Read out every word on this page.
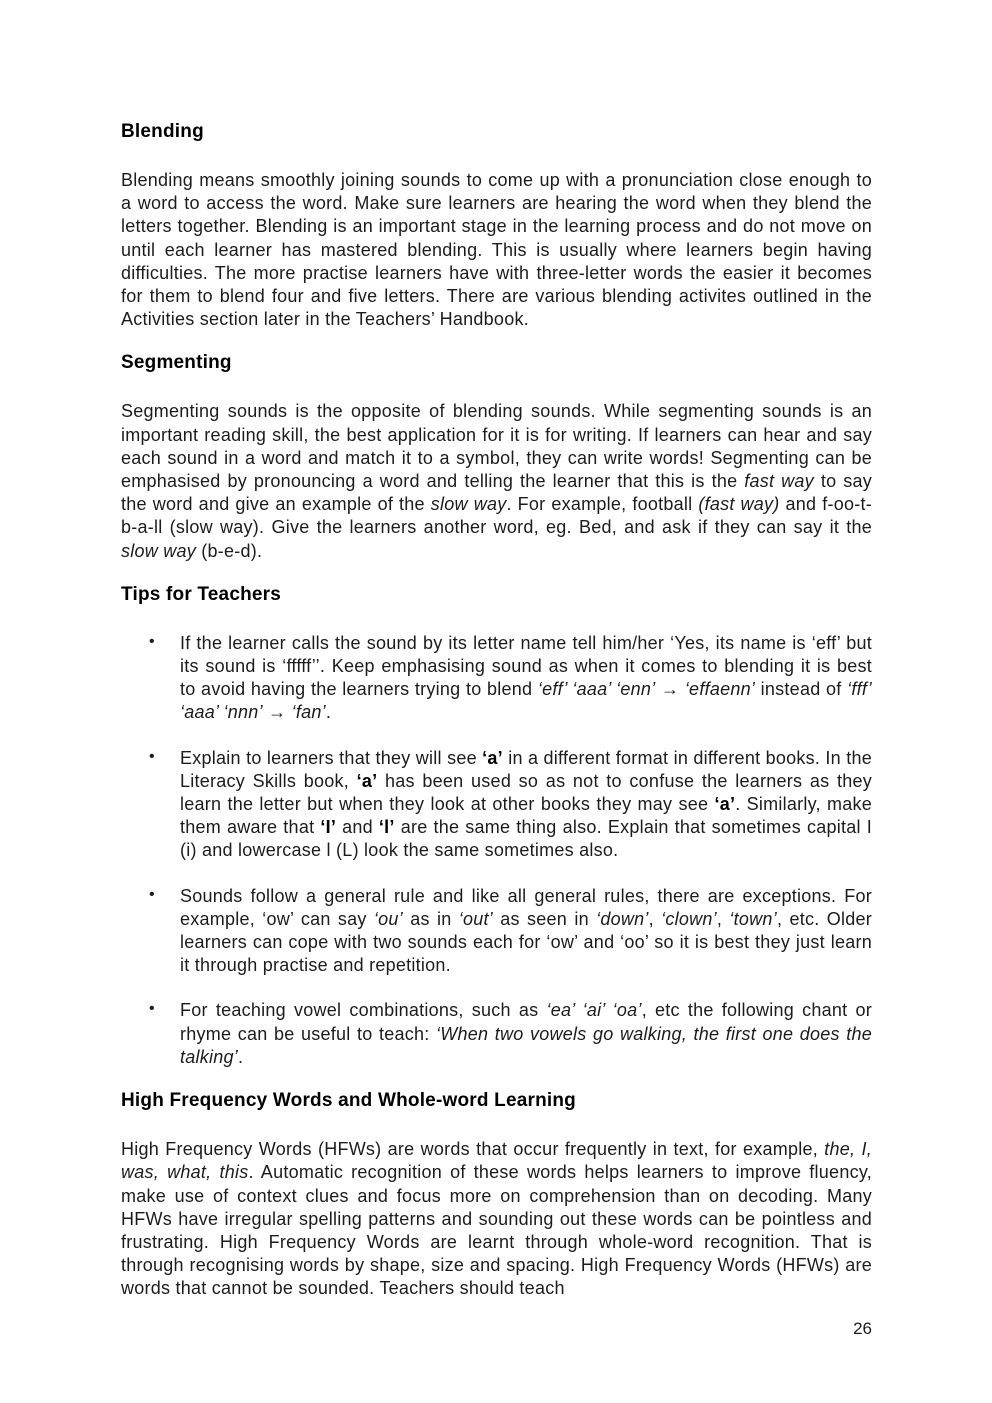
Blending

Blending means smoothly joining sounds to come up with a pronunciation close enough to a word to access the word. Make sure learners are hearing the word when they blend the letters together. Blending is an important stage in the learning process and do not move on until each learner has mastered blending. This is usually where learners begin having difficulties. The more practise learners have with three-letter words the easier it becomes for them to blend four and five letters. There are various blending activites outlined in the Activities section later in the Teachers’ Handbook.

Segmenting

Segmenting sounds is the opposite of blending sounds. While segmenting sounds is an important reading skill, the best application for it is for writing. If learners can hear and say each sound in a word and match it to a symbol, they can write words! Segmenting can be emphasised by pronouncing a word and telling the learner that this is the fast way to say the word and give an example of the slow way. For example, football (fast way) and f-oo-t-b-a-ll (slow way). Give the learners another word, eg. Bed, and ask if they can say it the slow way (b-e-d).

Tips for Teachers
• If the learner calls the sound by its letter name tell him/her ‘Yes, its name is ‘eff’ but its sound is ‘fffff’’. Keep emphasising sound as when it comes to blending it is best to avoid having the learners trying to blend ‘eff’ ‘aaa’ ‘enn’ → ‘effaenn’ instead of ‘fff’ ‘aaa’ ‘nnn’ → ‘fan’.

• Explain to learners that they will see ‘a’ in a different format in different books. In the Literacy Skills book, ‘a’ has been used so as not to confuse the learners as they learn the letter but when they look at other books they may see ‘a’. Similarly, make them aware that ‘I’ and ‘l’ are the same thing also. Explain that sometimes capital I (i) and lowercase l (L) look the same sometimes also.

• Sounds follow a general rule and like all general rules, there are exceptions. For example, ‘ow’ can say ‘ou’ as in ‘out’ as seen in ‘down’, ‘clown’, ‘town’, etc. Older learners can cope with two sounds each for ‘ow’ and ‘oo’ so it is best they just learn it through practise and repetition.

• For teaching vowel combinations, such as ‘ea’ ‘ai’ ‘oa’, etc the following chant or rhyme can be useful to teach: ‘When two vowels go walking, the first one does the talking’.

High Frequency Words and Whole-word Learning

High Frequency Words (HFWs) are words that occur frequently in text, for example, the, I, was, what, this. Automatic recognition of these words helps learners to improve fluency, make use of context clues and focus more on comprehension than on decoding. Many HFWs have irregular spelling patterns and sounding out these words can be pointless and frustrating. High Frequency Words are learnt through whole-word recognition. That is through recognising words by shape, size and spacing. High Frequency Words (HFWs) are words that cannot be sounded. Teachers should teach

26
